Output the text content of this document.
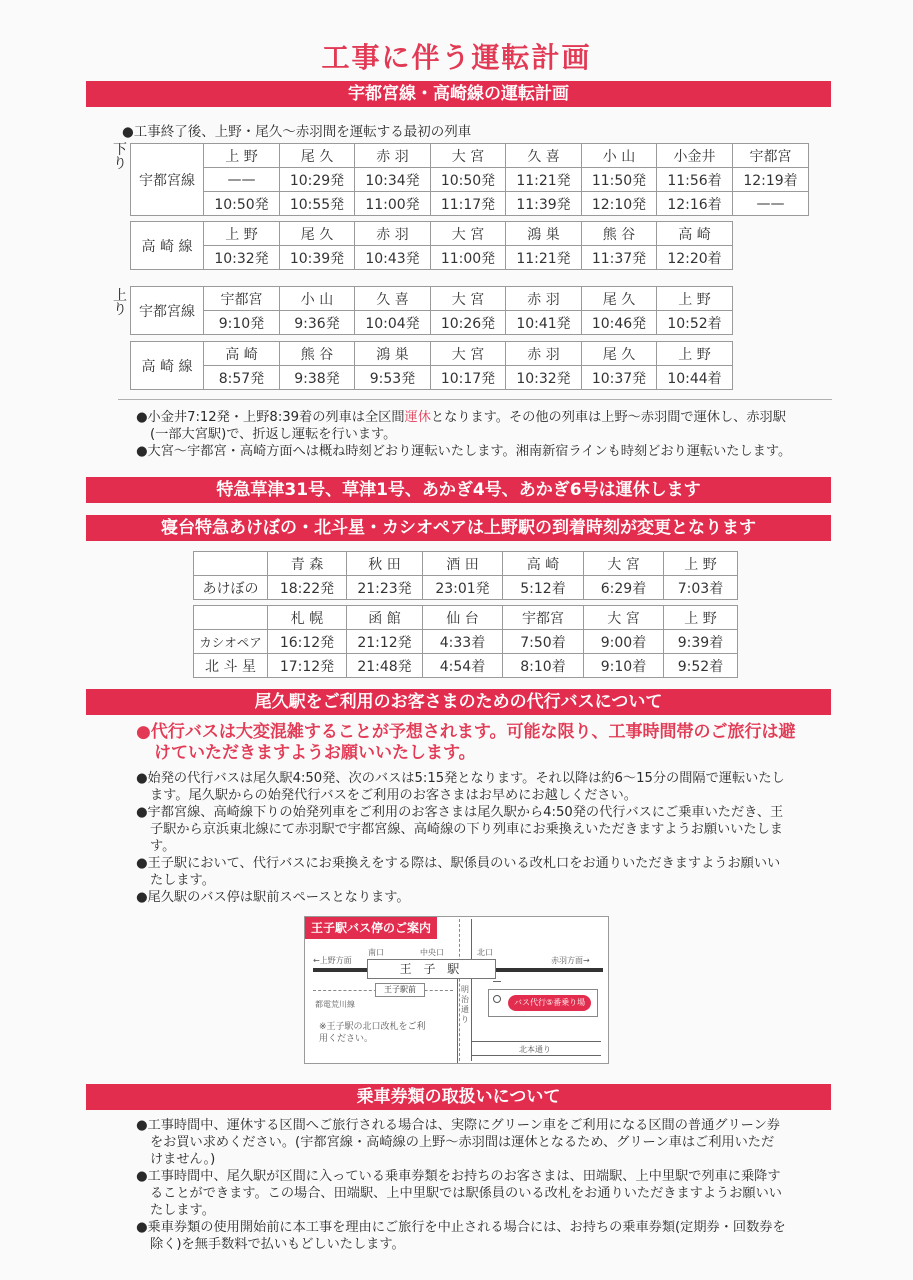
工事に伴う運転計画
宇都宮線・高崎線の運転計画
●工事終了後、上野・尾久〜赤羽間を運転する最初の列車
下り
上り
宇都宮線	上 野	尾 久	赤 羽	大 宮	久 喜	小 山	小金井	宇都宮
	——	10:29発	10:34発	10:50発	11:21発	11:50発	11:56着	12:19着
	10:50発	10:55発	11:00発	11:17発	11:39発	12:10発	12:16着	——
高 崎 線	上 野	尾 久	赤 羽	大 宮	鴻 巣	熊 谷	高 崎
	10:32発	10:39発	10:43発	11:00発	11:21発	11:37発	12:20着
宇都宮線	宇都宮	小 山	久 喜	大 宮	赤 羽	尾 久	上 野
	9:10発	9:36発	10:04発	10:26発	10:41発	10:46発	10:52着
高 崎 線	高 崎	熊 谷	鴻 巣	大 宮	赤 羽	尾 久	上 野
	8:57発	9:38発	9:53発	10:17発	10:32発	10:37発	10:44着

●小金井7:12発・上野8:39着の列車は全区間運休となります。その他の列車は上野〜赤羽間で運休し、赤羽駅(一部大宮駅)で、折返し運転を行います。

●大宮〜宇都宮・高崎方面へは概ね時刻どおり運転いたします。湘南新宿ラインも時刻どおり運転いたします。

特急草津31号、草津1号、あかぎ4号、あかぎ6号は運休します
寝台特急あけぼの・北斗星・カシオペアは上野駅の到着時刻が変更となります
	青 森	秋 田	酒 田	高 崎	大 宮	上 野
あけぼの	18:22発	21:23発	23:01発	5:12着	6:29着	7:03着
	札 幌	函 館	仙 台	宇都宮	大 宮	上 野
カシオペア	16:12発	21:12発	4:33着	7:50着	9:00着	9:39着
北 斗 星	17:12発	21:48発	4:54着	8:10着	9:10着	9:52着
尾久駅をご利用のお客さまのための代行バスについて
●代行バスは大変混雑することが予想されます。可能な限り、工事時間帯のご旅行は避けていただきますようお願いいたします。

●始発の代行バスは尾久駅4:50発、次のバスは5:15発となります。それ以降は約6〜15分の間隔で運転いたします。尾久駅からの始発代行バスをご利用のお客さまはお早めにお越しください。

●宇都宮線、高崎線下りの始発列車をご利用のお客さまは尾久駅から4:50発の代行バスにご乗車いただき、王子駅から京浜東北線にて赤羽駅で宇都宮線、高崎線の下り列車にお乗換えいただきますようお願いいたします。

●王子駅において、代行バスにお乗換えをする際は、駅係員のいる改札口をお通りいただきますようお願いいたします。

●尾久駅のバス停は駅前スペースとなります。

王子駅バス停のご案内
王 子 駅
南口	中央口	北口
←上野方面	赤羽方面→
王子駅前
都電荒川線
明治通り
バス代行⑤番乗り場
北本通り
※王子駅の北口改札をご利用ください。
乗車券類の取扱いについて

●工事時間中、運休する区間へご旅行される場合は、実際にグリーン車をご利用になる区間の普通グリーン券をお買い求めください。(宇都宮線・高崎線の上野〜赤羽間は運休となるため、グリーン車はご利用いただけません。)

●工事時間中、尾久駅が区間に入っている乗車券類をお持ちのお客さまは、田端駅、上中里駅で列車に乗降することができます。この場合、田端駅、上中里駅では駅係員のいる改札をお通りいただきますようお願いいたします。

●乗車券類の使用開始前に本工事を理由にご旅行を中止される場合には、お持ちの乗車券類(定期券・回数券を除く)を無手数料で払いもどしいたします。
